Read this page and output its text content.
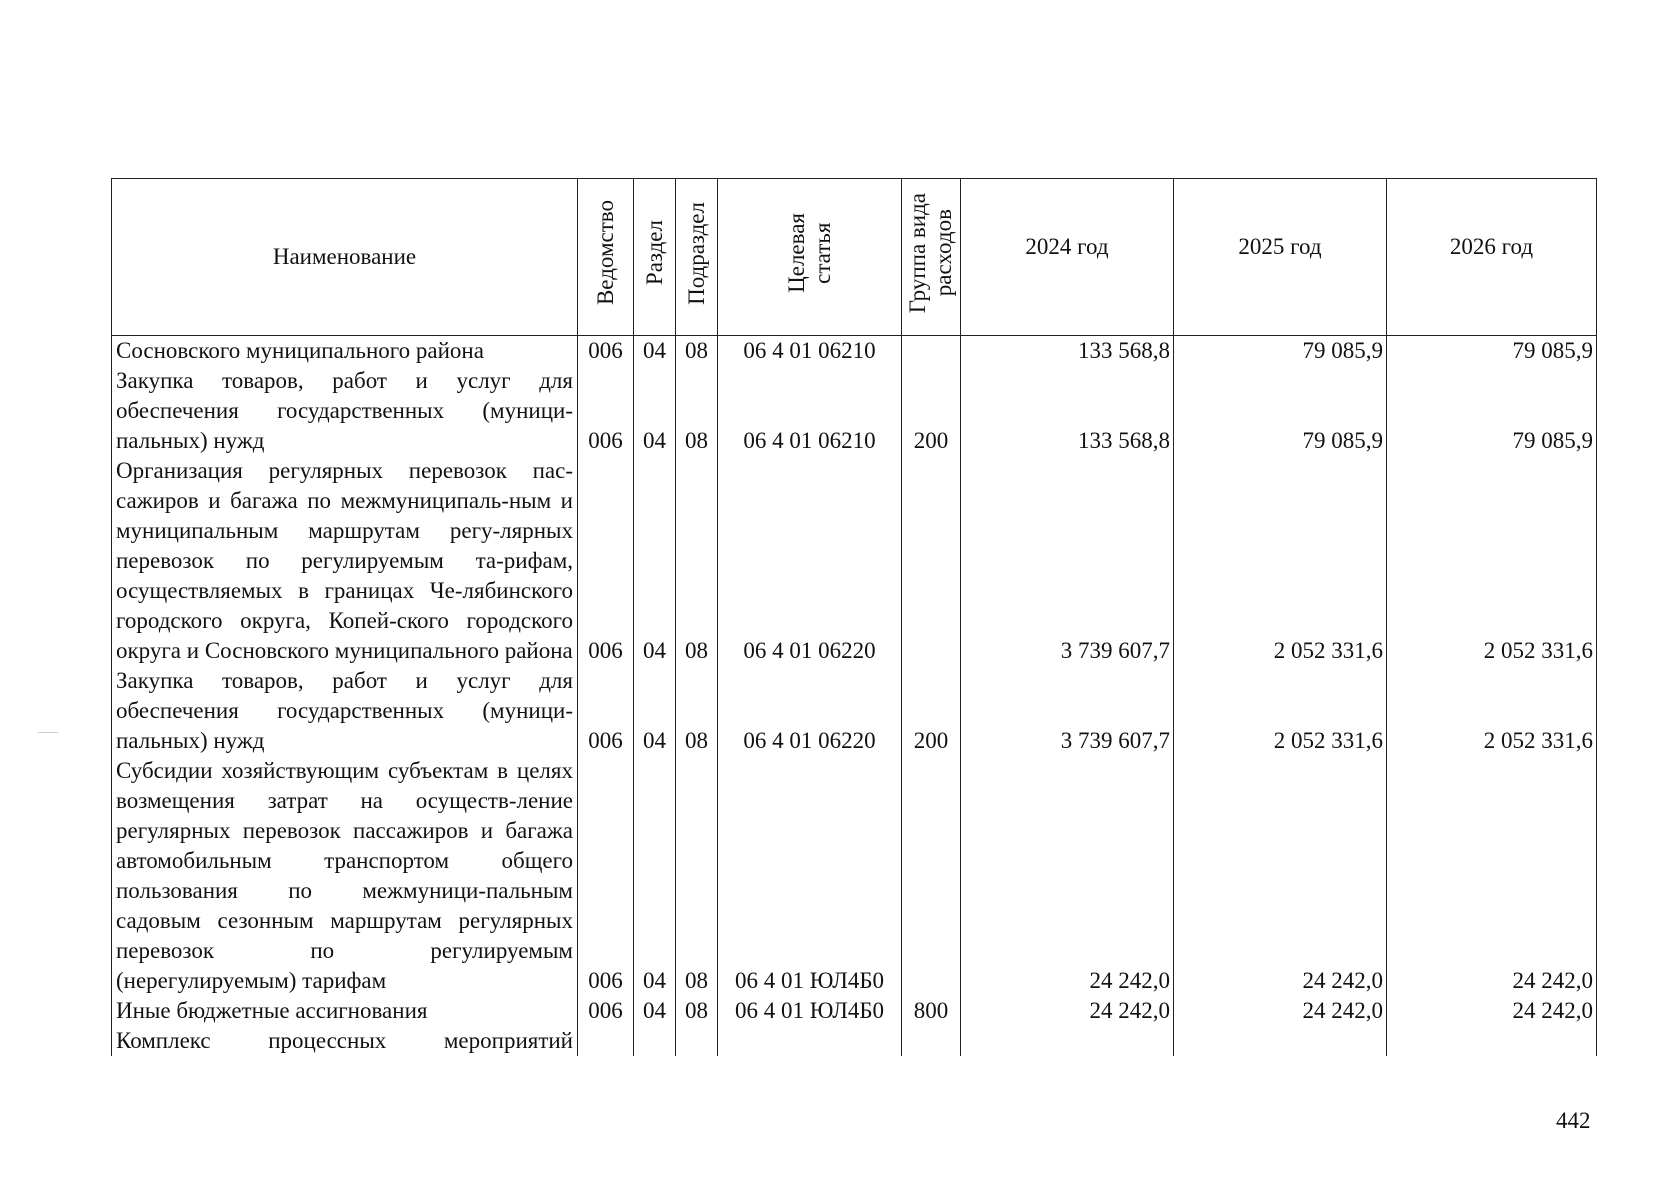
Наименование	Ведомство	Раздел	Подраздел	Целевая
статья	Группа вида
расходов	2024 год	2025 год	2026 год
Сосновского муниципального района	006	04	08	06 4 01 06210		133 568,8	79 085,9	79 085,9
Закупка товаров, работ и услуг для обеспечения государственных (муници-пальных) нужд	006	04	08	06 4 01 06210	200	133 568,8	79 085,9	79 085,9
Организация регулярных перевозок пас-сажиров и багажа по межмуниципаль-ным и муниципальным маршрутам регу-лярных перевозок по регулируемым та-рифам, осуществляемых в границах Че-лябинского городского округа, Копей-ского городского округа и Сосновского муниципального района	006	04	08	06 4 01 06220		3 739 607,7	2 052 331,6	2 052 331,6
Закупка товаров, работ и услуг для обеспечения государственных (муници-пальных) нужд	006	04	08	06 4 01 06220	200	3 739 607,7	2 052 331,6	2 052 331,6
Субсидии хозяйствующим субъектам в целях возмещения затрат на осуществ-ление регулярных перевозок пассажиров и багажа автомобильным транспортом общего пользования по межмуници-пальным садовым сезонным маршрутам регулярных перевозок по регулируемым (нерегулируемым) тарифам	006	04	08	06 4 01 ЮЛ4Б0		24 242,0	24 242,0	24 242,0
Иные бюджетные ассигнования	006	04	08	06 4 01 ЮЛ4Б0	800	24 242,0	24 242,0	24 242,0
Комплекс процессных мероприятий								
442
